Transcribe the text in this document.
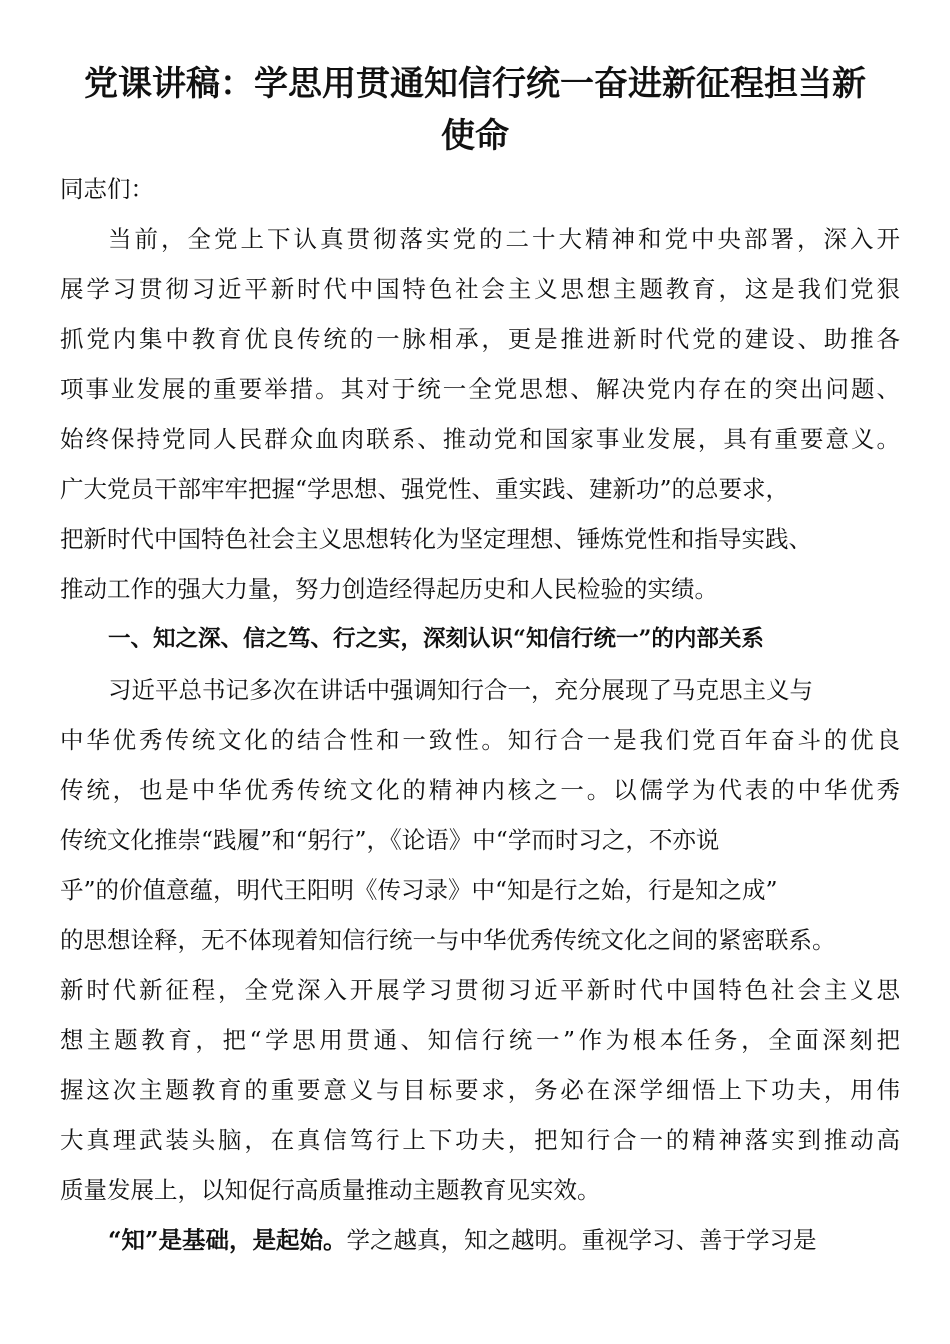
党课讲稿：学思用贯通知信行统一奋进新征程担当新
使命
同志们：
当前，全党上下认真贯彻落实党的二十大精神和党中央部署，深入开
展学习贯彻习近平新时代中国特色社会主义思想主题教育，这是我们党狠
抓党内集中教育优良传统的一脉相承，更是推进新时代党的建设、助推各
项事业发展的重要举措。其对于统一全党思想、解决党内存在的突出问题、
始终保持党同人民群众血肉联系、推动党和国家事业发展，具有重要意义。
广大党员干部牢牢把握“学思想、强党性、重实践、建新功”的总要求，
把新时代中国特色社会主义思想转化为坚定理想、锤炼党性和指导实践、
推动工作的强大力量，努力创造经得起历史和人民检验的实绩。
一、知之深、信之笃、行之实，深刻认识“知信行统一”的内部关系
习近平总书记多次在讲话中强调知行合一，充分展现了马克思主义与
中华优秀传统文化的结合性和一致性。知行合一是我们党百年奋斗的优良
传统，也是中华优秀传统文化的精神内核之一。以儒学为代表的中华优秀
传统文化推崇“践履”和“躬行”，《论语》中“学而时习之，不亦说
乎”的价值意蕴，明代王阳明《传习录》中“知是行之始，行是知之成”
的思想诠释，无不体现着知信行统一与中华优秀传统文化之间的紧密联系。
新时代新征程，全党深入开展学习贯彻习近平新时代中国特色社会主义思
想主题教育，把“学思用贯通、知信行统一”作为根本任务，全面深刻把
握这次主题教育的重要意义与目标要求，务必在深学细悟上下功夫，用伟
大真理武装头脑，在真信笃行上下功夫，把知行合一的精神落实到推动高
质量发展上，以知促行高质量推动主题教育见实效。
“知”是基础，是起始。学之越真，知之越明。重视学习、善于学习是
